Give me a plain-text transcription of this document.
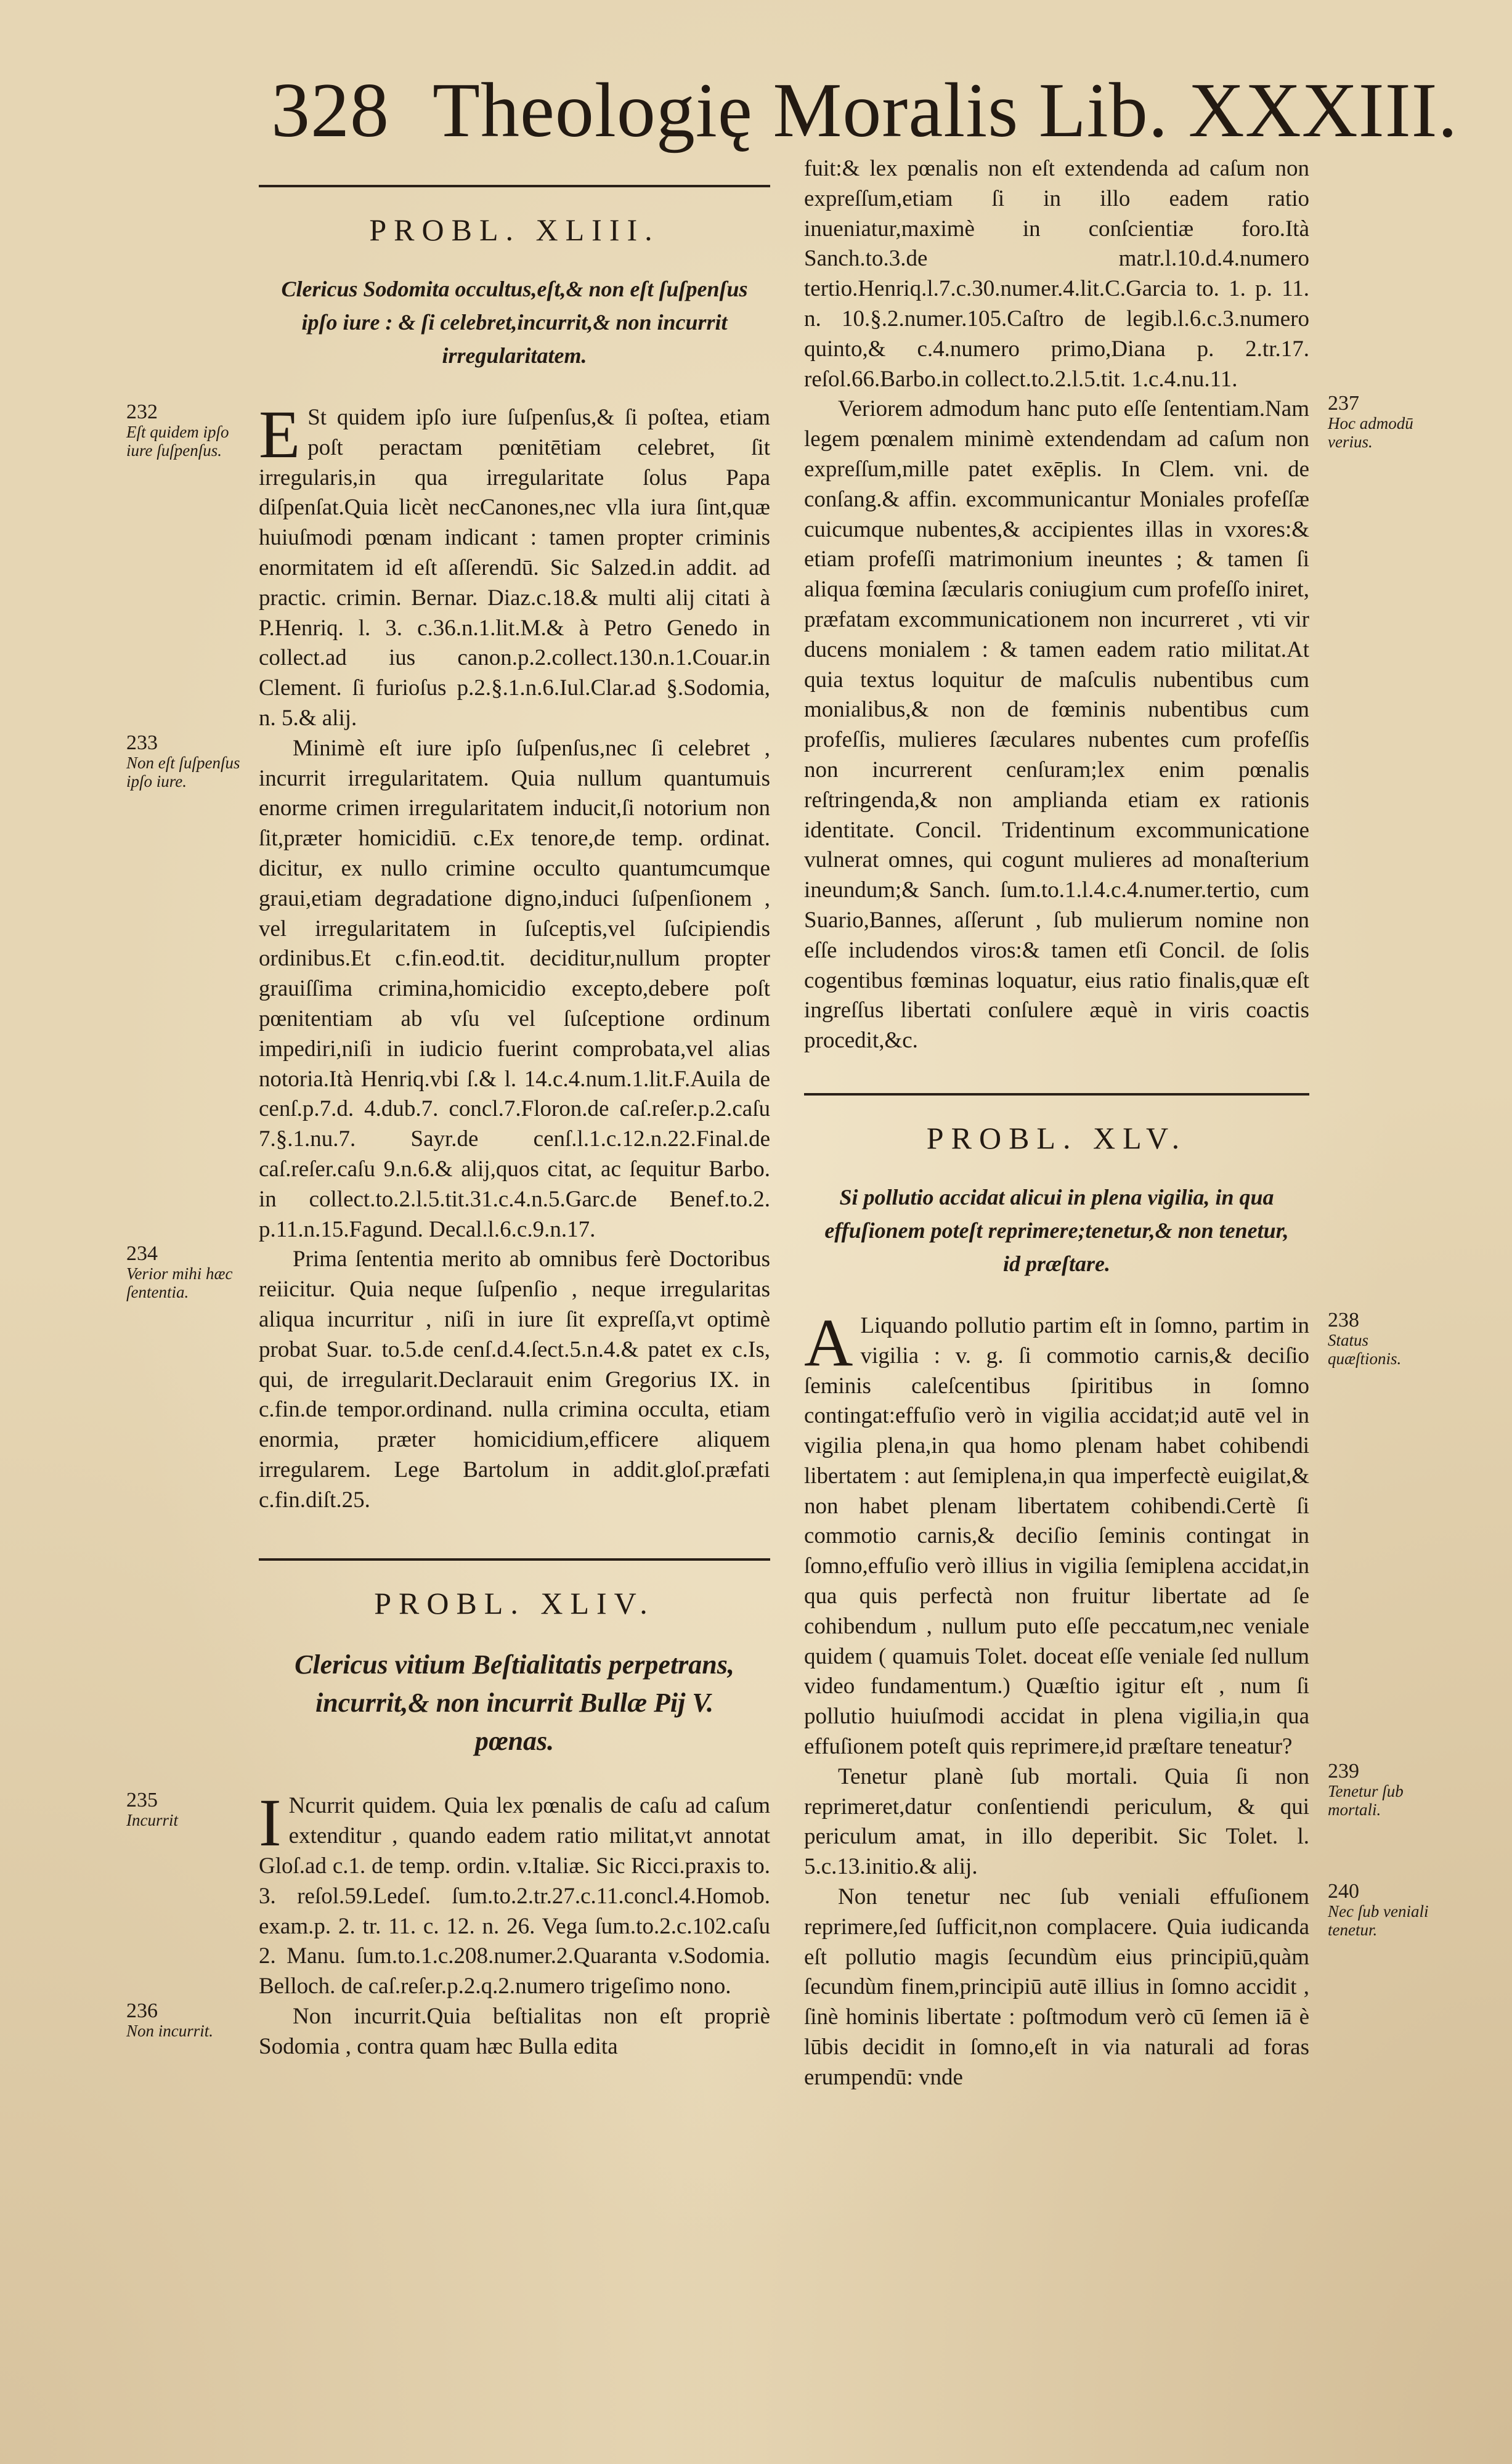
328 Theologię Moralis Lib. XXXIII.
PROBL. XLIII.
Clericus Sodomita occultus,eſt,& non eſt ſuſpenſus ipſo iure : & ſi celebret,incurrit,& non incurrit irregularitatem.
232
Eſt quidem ipſo iure ſuſpenſus. E St quidem ipſo iure ſuſpenſus,& ſi poſtea, etiam poſt peractam pœnitētiam celebret, ſit irregularis,in qua irregularitate ſolus Papa diſpenſat.Quia licèt necCanones,nec vlla iura ſint,quæ huiuſmodi pœnam indicant : tamen propter criminis enormitatem id eſt aſſerendū. Sic Salzed.in addit. ad practic. crimin. Bernar. Diaz.c.18.& multi alij citati à P.Henriq. l. 3. c.36.n.1.lit.M.& à Petro Genedo in collect.ad ius canon.p.2.collect.130.n.1.Couar.in Clement. ſi furioſus p.2.§.1.n.6.Iul.Clar.ad §.Sodomia, n. 5.& alij.
233
Non eſt ſuſpenſus ipſo iure.
Minimè eſt iure ipſo ſuſpenſus,nec ſi celebret , incurrit irregularitatem. Quia nullum quantumuis enorme crimen irregularitatem inducit,ſi notorium non ſit,præter homicidiū. c.Ex tenore,de temp. ordinat. dicitur, ex nullo crimine occulto quantumcumque graui,etiam degradatione digno,induci ſuſpenſionem , vel irregularitatem in ſuſceptis,vel ſuſcipiendis ordinibus.Et c.fin.eod.tit. deciditur,nullum propter grauiſſima crimina,homicidio excepto,debere poſt pœnitentiam ab vſu vel ſuſceptione ordinum impediri,niſi in iudicio fuerint comprobata,vel alias notoria.Ità Henriq.vbi ſ.& l. 14.c.4.num.1.lit.F.Auila de cenſ.p.7.d. 4.dub.7. concl.7.Floron.de caſ.reſer.p.2.caſu 7.§.1.nu.7. Sayr.de cenſ.l.1.c.12.n.22.Final.de caſ.reſer.caſu 9.n.6.& alij,quos citat, ac ſequitur Barbo. in collect.to.2.l.5.tit.31.c.4.n.5.Garc.de Benef.to.2. p.11.n.15.Fagund. Decal.l.6.c.9.n.17.
234
Verior mihi hæc ſententia.
Prima ſententia merito ab omnibus ferè Doctoribus reiicitur. Quia neque ſuſpenſio , neque irregularitas aliqua incurritur , niſi in iure ſit expreſſa,vt optimè probat Suar. to.5.de cenſ.d.4.ſect.5.n.4.& patet ex c.Is, qui, de irregularit.Declarauit enim Gregorius IX. in c.fin.de tempor.ordinand. nulla crimina occulta, etiam enormia, præter homicidium,efficere aliquem irregularem. Lege Bartolum in addit.gloſ.præfati c.fin.diſt.25.
PROBL. XLIV.
Clericus vitium Beſtialitatis perpetrans, incurrit,& non incurrit Bullæ Pij V. pœnas.
235
Incurrit	I Ncurrit quidem. Quia lex pœnalis de caſu ad caſum extenditur , quando eadem ratio militat,vt annotat Gloſ.ad c.1. de temp. ordin. v.Italiæ. Sic Ricci.praxis to. 3. reſol.59.Ledeſ. ſum.to.2.tr.27.c.11.concl.4.Homob. exam.p. 2. tr. 11. c. 12. n. 26. Vega ſum.to.2.c.102.caſu 2. Manu. ſum.to.1.c.208.numer.2.Quaranta v.Sodomia. Belloch. de caſ.reſer.p.2.q.2.numero trigeſimo nono.
236
Non incurrit.
Non incurrit.Quia beſtialitas non eſt propriè Sodomia , contra quam hæc Bulla edita
fuit:& lex pœnalis non eſt extendenda ad caſum non expreſſum,etiam ſi in illo eadem ratio inueniatur,maximè in conſcientiæ foro.Ità Sanch.to.3.de matr.l.10.d.4.numero tertio.Henriq.l.7.c.30.numer.4.lit.C.Garcia to. 1. p. 11. n. 10.§.2.numer.105.Caſtro de legib.l.6.c.3.numero quinto,& c.4.numero primo,Diana p. 2.tr.17. reſol.66.Barbo.in collect.to.2.l.5.tit. 1.c.4.nu.11.
237
Hoc admodū verius.
Veriorem admodum hanc puto eſſe ſententiam.Nam legem pœnalem minimè extendendam ad caſum non expreſſum,mille patet exēplis. In Clem. vni. de conſang.& affin. excommunicantur Moniales profeſſæ cuicumque nubentes,& accipientes illas in vxores:& etiam profeſſi matrimonium ineuntes ; & tamen ſi aliqua fœmina ſæcularis coniugium cum profeſſo iniret, præfatam excommunicationem non incurreret , vti vir ducens monialem : & tamen eadem ratio militat.At quia textus loquitur de maſculis nubentibus cum monialibus,& non de fœminis nubentibus cum profeſſis, mulieres ſæculares nubentes cum profeſſis non incurrerent cenſuram;lex enim pœnalis reſtringenda,& non amplianda etiam ex rationis identitate. Concil. Tridentinum excommunicatione vulnerat omnes, qui cogunt mulieres ad monaſterium ineundum;& Sanch. ſum.to.1.l.4.c.4.numer.tertio, cum Suario,Bannes, aſſerunt , ſub mulierum nomine non eſſe includendos viros:& tamen etſi Concil. de ſolis cogentibus fœminas loquatur, eius ratio finalis,quæ eſt ingreſſus libertati conſulere æquè in viris coactis procedit,&c.
PROBL. XLV.
Si pollutio accidat alicui in plena vigilia, in qua effuſionem poteſt reprimere;tenetur,& non tenetur, id præſtare.
238
Status quæſtionis.
A Liquando pollutio partim eſt in ſomno, partim in vigilia : v. g. ſi commotio carnis,& deciſio ſeminis caleſcentibus ſpiritibus in ſomno contingat:effuſio verò in vigilia accidat;id autē vel in vigilia plena,in qua homo plenam habet cohibendi libertatem : aut ſemiplena,in qua imperfectè euigilat,& non habet plenam libertatem cohibendi.Certè ſi commotio carnis,& deciſio ſeminis contingat in ſomno,effuſio verò illius in vigilia ſemiplena accidat,in qua quis perfectà non fruitur libertate ad ſe cohibendum , nullum puto eſſe peccatum,nec veniale quidem ( quamuis Tolet. doceat eſſe veniale ſed nullum video fundamentum.) Quæſtio igitur eſt , num ſi pollutio huiuſmodi accidat in plena vigilia,in qua effuſionem poteſt quis reprimere,id præſtare teneatur?
239
Tenetur ſub mortali.
Tenetur planè ſub mortali. Quia ſi non reprimeret,datur conſentiendi periculum, & qui periculum amat, in illo deperibit. Sic Tolet. l. 5.c.13.initio.& alij.
240
Nec ſub veniali tenetur.
Non tenetur nec ſub veniali effuſionem reprimere,ſed ſufficit,non complacere. Quia iudicanda eſt pollutio magis ſecundùm eius principiū,quàm ſecundùm finem,principiū autē illius in ſomno accidit , ſinè hominis libertate : poſtmodum verò cū ſemen iā è lūbis decidit in ſomno,eſt in via naturali ad foras erumpendū: vnde
